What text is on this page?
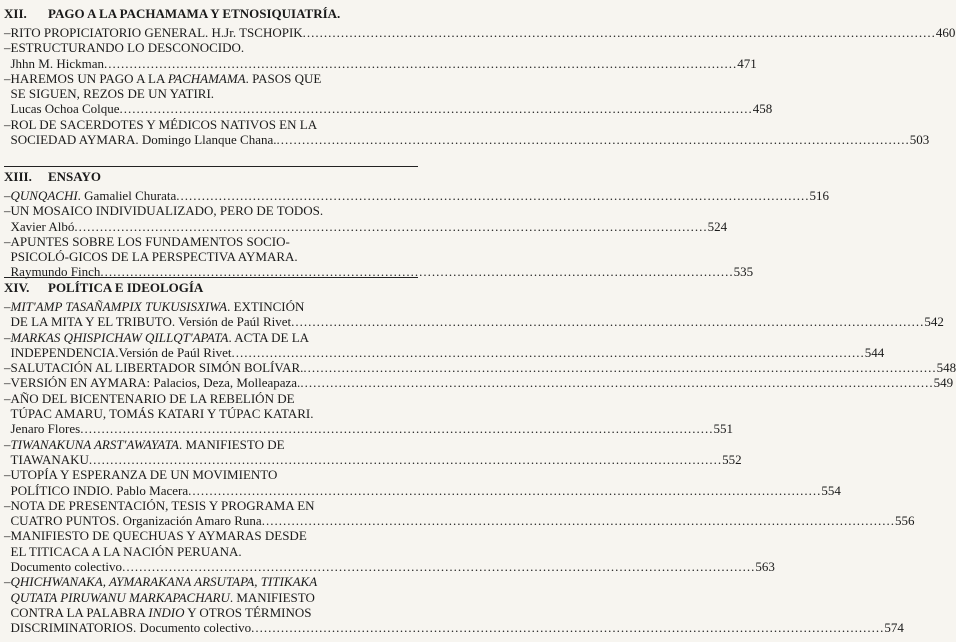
XII.	PAGO A LA PACHAMAMA Y ETNOSIQUIATRÍA.
– RITO PROPICIATORIO GENERAL. H.Jr. TSCHOPIK .....	460
– ESTRUCTURANDO LO DESCONOCIDO.
Jhhn M. Hickman .....	471
– HAREMOS UN PAGO A LA PACHAMAMA. PASOS QUE
SE SIGUEN, REZOS DE UN YATIRI.
Lucas Ochoa Colque .....	458
– ROL DE SACERDOTES Y MÉDICOS NATIVOS EN LA
SOCIEDAD AYMARA. Domingo Llanque Chana. .....	503
XIII.	ENSAYO
– QUNQACHI. Gamaliel Churata .....	516
– UN MOSAICO INDIVIDUALIZADO, PERO DE TODOS.
Xavier Albó .....	524
– APUNTES SOBRE LOS FUNDAMENTOS SOCIO-
PSICOLÓ-GICOS DE LA PERSPECTIVA AYMARA.
Raymundo Finch .....	535
XIV.	POLÍTICA E IDEOLOGÍA
– MIT'AMP TASAÑAMPIX TUKUSISXIWA. EXTINCIÓN
DE LA MITA Y EL TRIBUTO. Versión de Paúl Rivet .....	542
– MARKAS QHISPICHAW QILLQT'APATA. ACTA DE LA
INDEPENDENCIA.Versión de Paúl Rivet .....	544
– SALUTACIÓN AL LIBERTADOR SIMÓN BOLÍVAR. .....	548
– VERSIÓN EN AYMARA: Palacios, Deza, Molleapaza. .....	549
– AÑO DEL BICENTENARIO DE LA REBELIÓN DE
TÚPAC AMARU, TOMÁS KATARI Y TÚPAC KATARI.
Jenaro Flores .....	551
– TIWANAKUNA ARST'AWAYATA. MANIFIESTO DE
TIAWANAKU .....	552
– UTOPÍA Y ESPERANZA DE UN MOVIMIENTO
POLÍTICO INDIO. Pablo Macera .....	554
– NOTA DE PRESENTACIÓN, TESIS Y PROGRAMA EN
CUATRO PUNTOS. Organización Amaro Runa .....	556
– MANIFIESTO DE QUECHUAS Y AYMARAS DESDE
EL TITICACA A LA NACIÓN PERUANA.
Documento colectivo .....	563
– QHICHWANAKA, AYMARAKANA ARSUTAPA, TITIKAKA
QUTATA PIRUWANU MARKAPACHARU. MANIFIESTO
CONTRA LA PALABRA INDIO Y OTROS TÉRMINOS
DISCRIMINATORIOS. Documento colectivo .....	574
